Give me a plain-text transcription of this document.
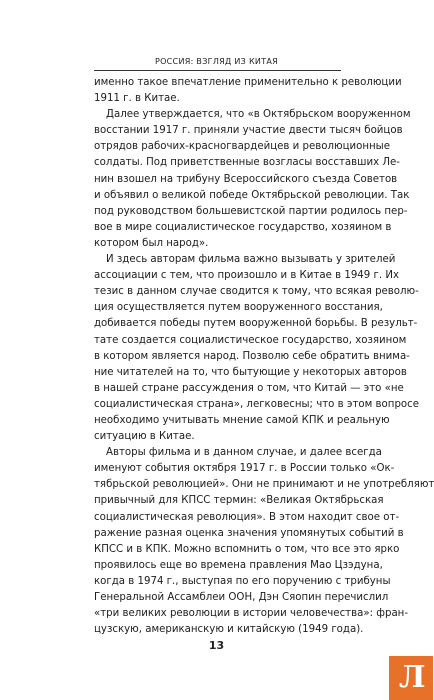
РОССИЯ: ВЗГЛЯД ИЗ КИТАЯ
именно такое впечатление применительно к революции
1911 г. в Китае.
Далее утверждается, что «в Октябрьском вооруженном
восстании 1917 г. приняли участие двести тысяч бойцов
отрядов рабочих-красногвардейцев и революционные
солдаты. Под приветственные возгласы восставших Ле-
нин взошел на трибуну Всероссийского съезда Советов
и объявил о великой победе Октябрьской революции. Так
под руководством большевистской партии родилось пер-
вое в мире социалистическое государство, хозяином в
котором был народ».
И здесь авторам фильма важно вызывать у зрителей
ассоциации с тем, что произошло и в Китае в 1949 г. Их
тезис в данном случае сводится к тому, что всякая револю-
ция осуществляется путем вооруженного восстания,
добивается победы путем вооруженной борьбы. В результ-
тате создается социалистическое государство, хозяином
в котором является народ. Позволю себе обратить внима-
ние читателей на то, что бытующие у некоторых авторов
в нашей стране рассуждения о том, что Китай — это «не
социалистическая страна», легковесны; что в этом вопросе
необходимо учитывать мнение самой КПК и реальную
ситуацию в Китае.
Авторы фильма и в данном случае, и далее всегда
именуют события октября 1917 г. в России только «Ок-
тябрьской революцией». Они не принимают и не употребляют
привычный для КПСС термин: «Великая Октябрьская
социалистическая революция». В этом находит свое от-
ражение разная оценка значения упомянутых событий в
КПСС и в КПК. Можно вспомнить о том, что все это ярко
проявилось еще во времена правления Мао Цзэдуна,
когда в 1974 г., выступая по его поручению с трибуны
Генеральной Ассамблеи ООН, Дэн Сяопин перечислил
«три великих революции в истории человечества»: фран-
цузскую, американскую и китайскую (1949 года).
13
Л
